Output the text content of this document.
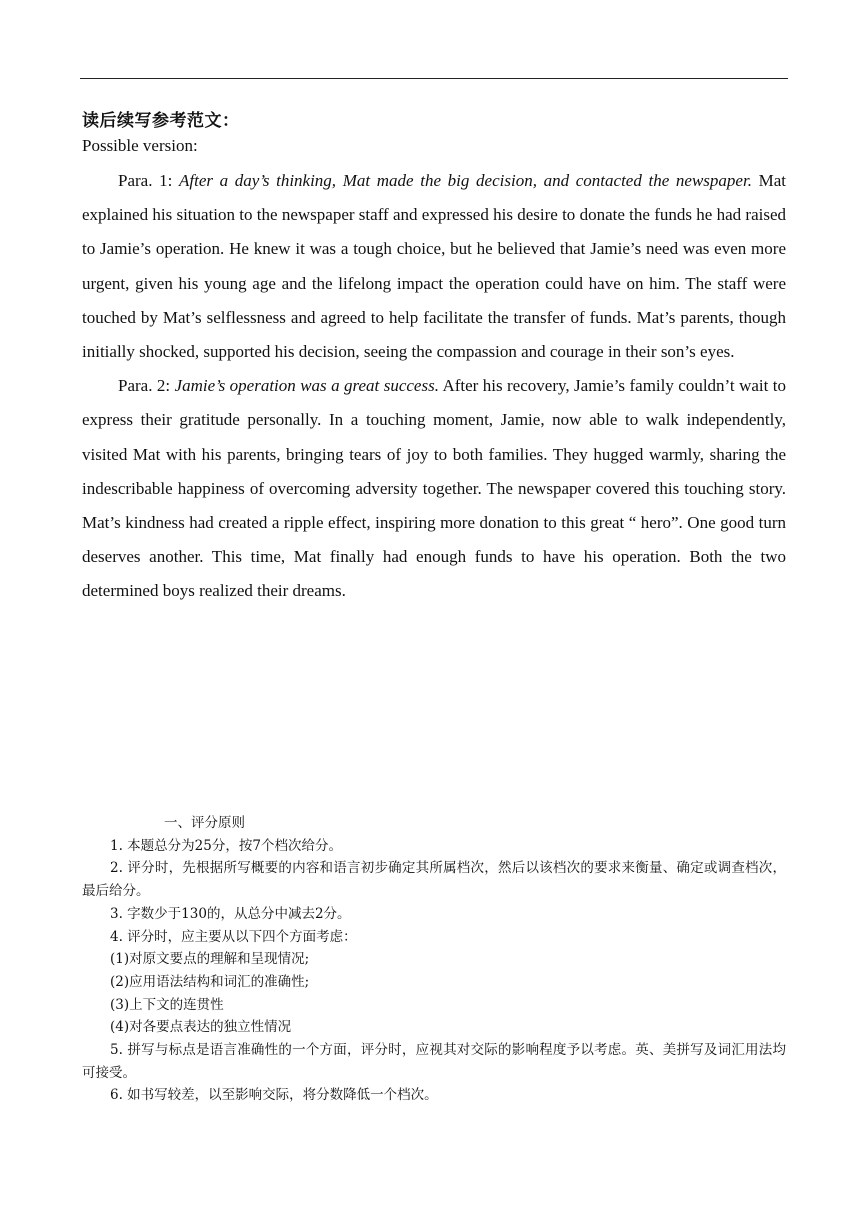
读后续写参考范文：
Possible version:

Para. 1: After a day’s thinking, Mat made the big decision, and contacted the newspaper. Mat explained his situation to the newspaper staff and expressed his desire to donate the funds he had raised to Jamie’s operation. He knew it was a tough choice, but he believed that Jamie’s need was even more urgent, given his young age and the lifelong impact the operation could have on him. The staff were touched by Mat’s selflessness and agreed to help facilitate the transfer of funds. Mat’s parents, though initially shocked, supported his decision, seeing the compassion and courage in their son’s eyes.

Para. 2: Jamie’s operation was a great success. After his recovery, Jamie’s family couldn’t wait to express their gratitude personally. In a touching moment, Jamie, now able to walk independently, visited Mat with his parents, bringing tears of joy to both families. They hugged warmly, sharing the indescribable happiness of overcoming adversity together. The newspaper covered this touching story. Mat’s kindness had created a ripple effect, inspiring more donation to this great “ hero”. One good turn deserves another. This time, Mat finally had enough funds to have his operation. Both the two determined boys realized their dreams.

一、评分原则
1. 本题总分为25分，按7个档次给分。
2. 评分时，先根据所写概要的内容和语言初步确定其所属档次，然后以该档次的要求来衡量、确定或调查档次，最后给分。
3. 字数少于130的，从总分中减去2分。
4. 评分时，应主要从以下四个方面考虑：
(1)对原文要点的理解和呈现情况;
(2)应用语法结构和词汇的准确性;
(3)上下文的连贯性
(4)对各要点表达的独立性情况
5. 拼写与标点是语言准确性的一个方面，评分时，应视其对交际的影响程度予以考虑。英、美拼写及词汇用法均可接受。
6. 如书写较差，以至影响交际，将分数降低一个档次。
